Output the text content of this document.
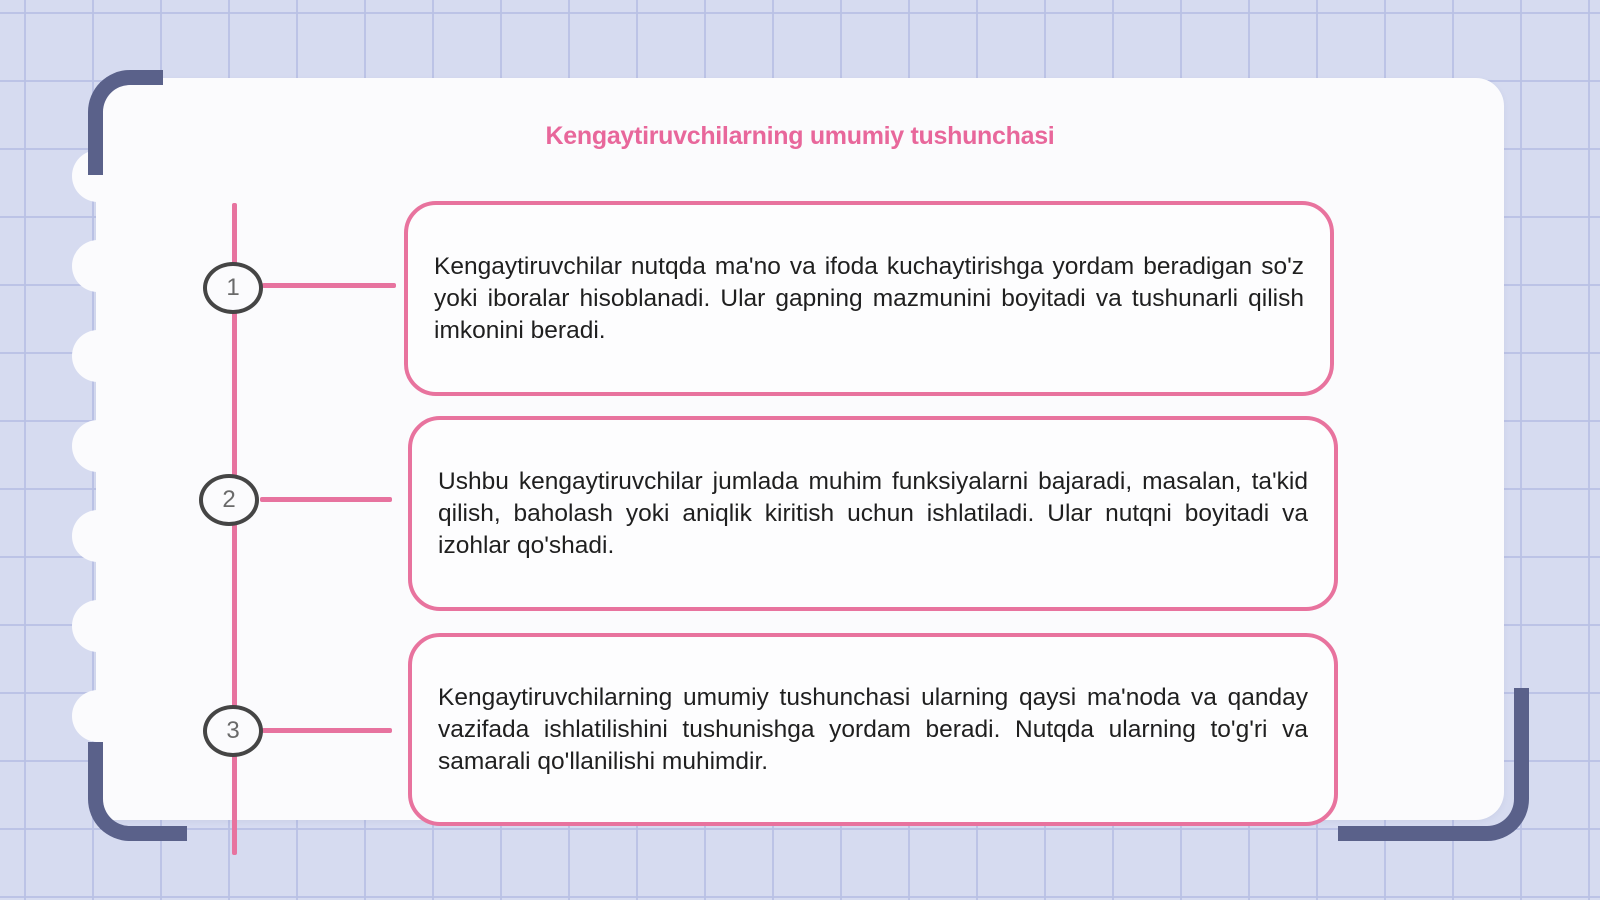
Kengaytiruvchilarning umumiy tushunchasi
1
2
3

Kengaytiruvchilar nutqda ma'no va ifoda kuchaytirishga yordam beradigan so'z yoki iboralar hisoblanadi. Ular gapning mazmunini boyitadi va tushunarli qilish imkonini beradi.

Ushbu kengaytiruvchilar jumlada muhim funksiyalarni bajaradi, masalan, ta'kid qilish, baholash yoki aniqlik kiritish uchun ishlatiladi. Ular nutqni boyitadi va izohlar qo'shadi.

Kengaytiruvchilarning umumiy tushunchasi ularning qaysi ma'noda va qanday vazifada ishlatilishini tushunishga yordam beradi. Nutqda ularning to'g'ri va samarali qo'llanilishi muhimdir.
